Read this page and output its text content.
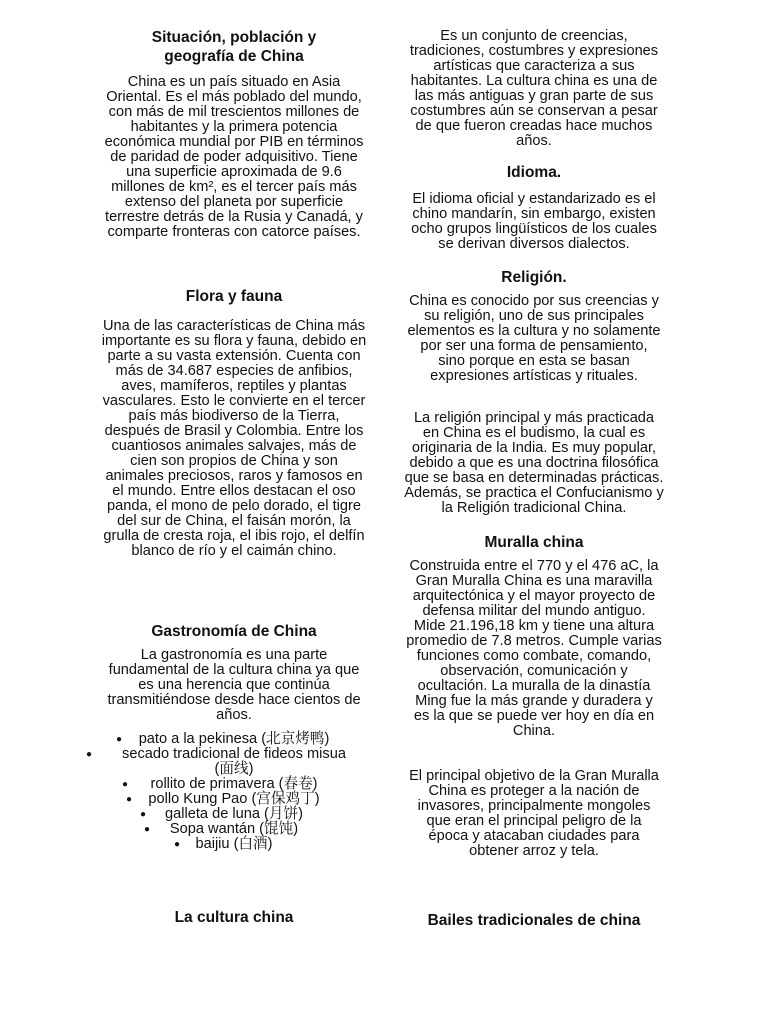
Situación, población y geografía de China

China es un país situado en Asia Oriental. Es el más poblado del mundo, con más de mil trescientos millones de habitantes y la primera potencia económica mundial por PIB en términos de paridad de poder adquisitivo. Tiene una superficie aproximada de 9.6 millones de km², es el tercer país más extenso del planeta por superficie terrestre detrás de la Rusia y Canadá, y comparte fronteras con catorce países.

Flora y fauna

Una de las características de China más importante es su flora y fauna, debido en parte a su vasta extensión. Cuenta con más de 34.687 especies de anfibios, aves, mamíferos, reptiles y plantas vasculares. Esto le convierte en el tercer país más biodiverso de la Tierra, después de Brasil y Colombia. Entre los cuantiosos animales salvajes, más de cien son propios de China y son animales preciosos, raros y famosos en el mundo. Entre ellos destacan el oso panda, el mono de pelo dorado, el tigre del sur de China, el faisán morón, la grulla de cresta roja, el ibis rojo, el delfín blanco de río y el caimán chino.

Gastronomía de China

La gastronomía es una parte fundamental de la cultura china ya que es una herencia que continúa transmitiéndose desde hace cientos de años.

● pato a la pekinesa (北京烤鸭)
● secado tradicional de fideos misua
(面线)
● rollito de primavera (春卷)
● pollo Kung Pao (宫保鸡丁)
● galleta de luna (月饼)
● Sopa wantán (馄饨)
● baijiu (白酒)
La cultura china

Es un conjunto de creencias, tradiciones, costumbres y expresiones artísticas que caracteriza a sus habitantes. La cultura china es una de las más antiguas y gran parte de sus costumbres aún se conservan a pesar de que fueron creadas hace muchos años.

Idioma.

El idioma oficial y estandarizado es el chino mandarín, sin embargo, existen ocho grupos lingüísticos de los cuales se derivan diversos dialectos.

Religión.

China es conocido por sus creencias y su religión, uno de sus principales elementos es la cultura y no solamente por ser una forma de pensamiento, sino porque en esta se basan expresiones artísticas y rituales.

La religión principal y más practicada en China es el budismo, la cual es originaria de la India. Es muy popular, debido a que es una doctrina filosófica que se basa en determinadas prácticas. Además, se practica el Confucianismo y la Religión tradicional China.

Muralla china

Construida entre el 770 y el 476 aC, la Gran Muralla China es una maravilla arquitectónica y el mayor proyecto de defensa militar del mundo antiguo. Mide 21.196,18 km y tiene una altura promedio de 7.8 metros. Cumple varias funciones como combate, comando, observación, comunicación y ocultación. La muralla de la dinastía Ming fue la más grande y duradera y es la que se puede ver hoy en día en China.

El principal objetivo de la Gran Muralla China es proteger a la nación de invasores, principalmente mongoles que eran el principal peligro de la época y atacaban ciudades para obtener arroz y tela.

Bailes tradicionales de china
